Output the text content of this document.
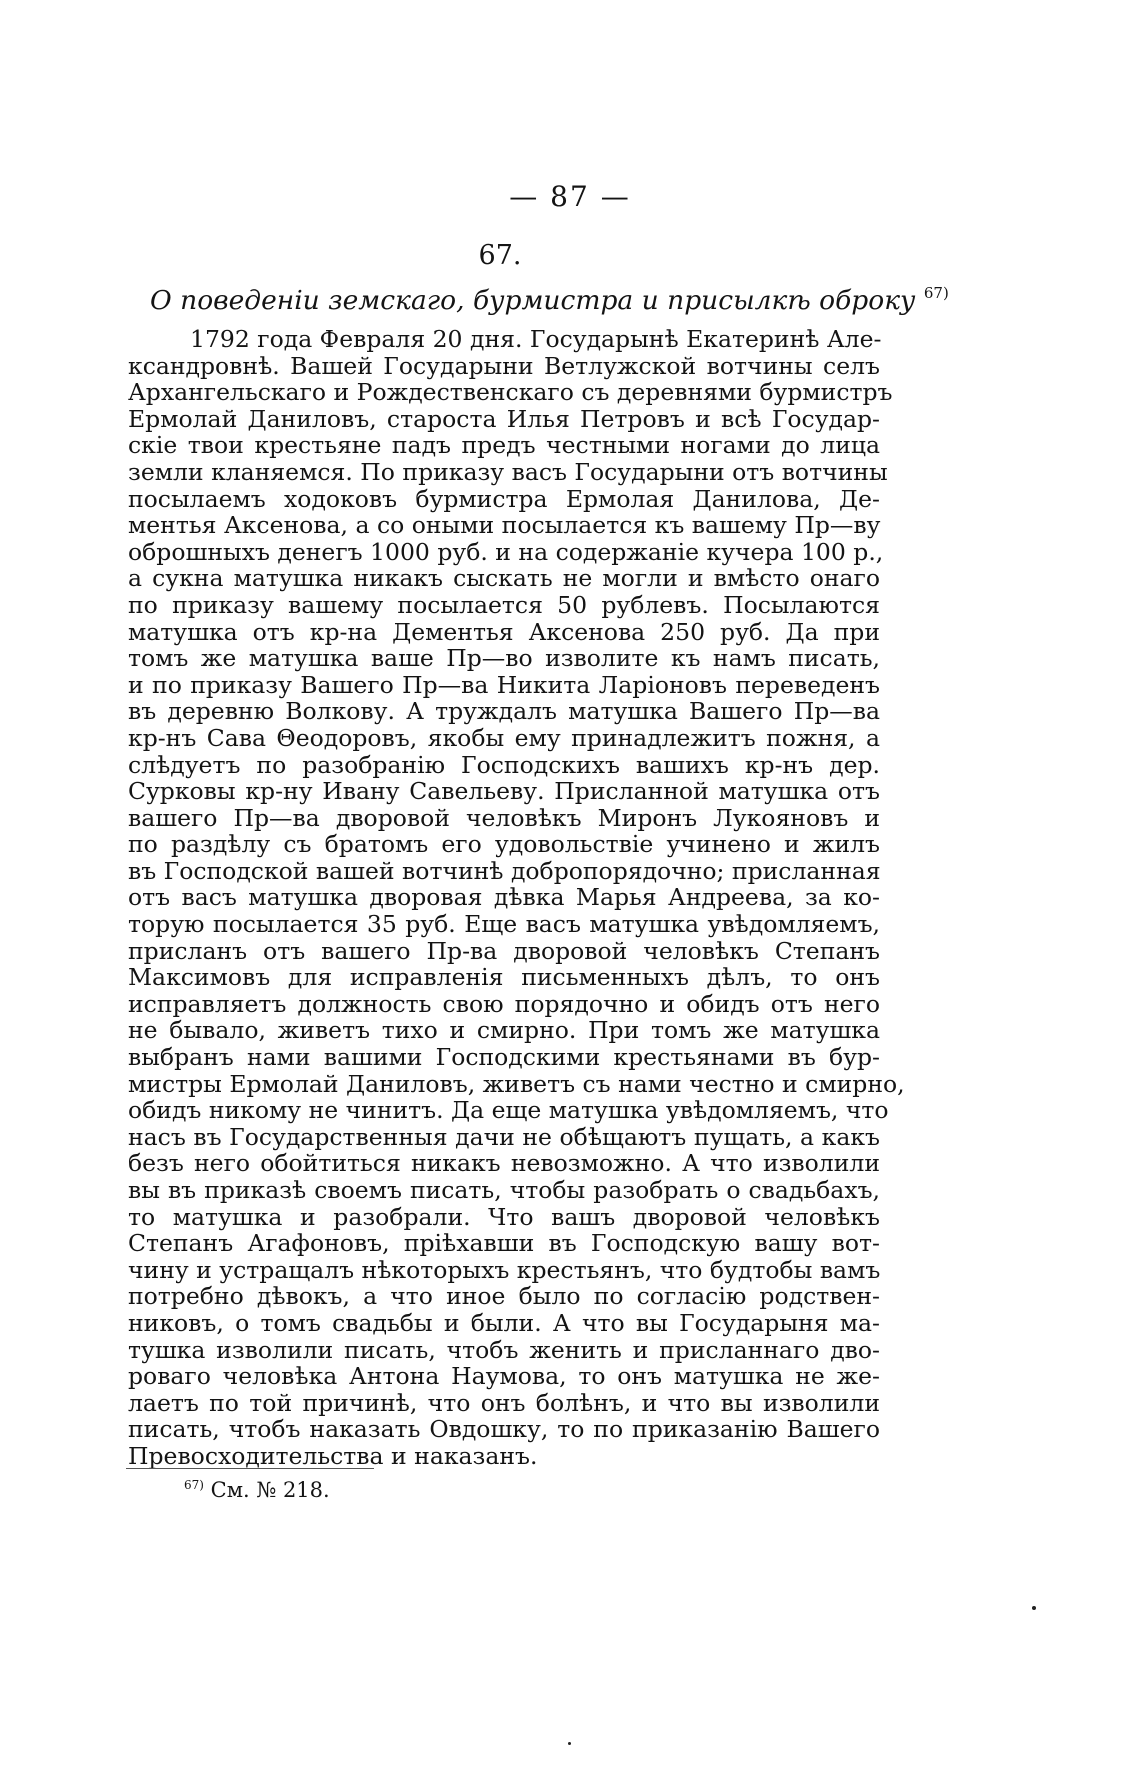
— 87 —
67.
О поведеніи земскаго, бурмистра и присылкѣ оброку $^{67)}$
1792 года Февраля 20 дня. Государынѣ Екатеринѣ Але-
ксандровнѣ. Вашей Государыни Ветлужской вотчины селъ
Архангельскаго и Рождественскаго съ деревнями бурмистръ
Ермолай Даниловъ, староста Илья Петровъ и всѣ Государ-
скіе твои крестьяне падъ предъ честными ногами до лица
земли кланяемся. По приказу васъ Государыни отъ вотчины
посылаемъ ходоковъ бурмистра Ермолая Данилова, Де-
ментья Аксенова, а со оными посылается къ вашему Пр—ву
оброшныхъ денегъ 1000 руб. и на содержаніе кучера 100 р.,
а сукна матушка никакъ сыскать не могли и вмѣсто онаго
по приказу вашему посылается 50 рублевъ. Посылаются
матушка отъ кр-на Дементья Аксенова 250 руб. Да при
томъ же матушка ваше Пр—во изволите къ намъ писать,
и по приказу Вашего Пр—ва Никита Ларіоновъ переведенъ
въ деревню Волкову. А труждалъ матушка Вашего Пр—ва
кр-нъ Сава Θеодоровъ, якобы ему принадлежитъ пожня, а
слѣдуетъ по разобранію Господскихъ вашихъ кр-нъ дер.
Сурковы кр-ну Ивану Савельеву. Присланной матушка отъ
вашего Пр—ва дворовой человѣкъ Миронъ Лукояновъ и
по раздѣлу съ братомъ его удовольствіе учинено и жилъ
въ Господской вашей вотчинѣ добропорядочно; присланная
отъ васъ матушка дворовая дѣвка Марья Андреева, за ко-
торую посылается 35 руб. Еще васъ матушка увѣдомляемъ,
присланъ отъ вашего Пр-ва дворовой человѣкъ Степанъ
Максимовъ для исправленія письменныхъ дѣлъ, то онъ
исправляетъ должность свою порядочно и обидъ отъ него
не бывало, живетъ тихо и смирно. При томъ же матушка
выбранъ нами вашими Господскими крестьянами въ бур-
мистры Ермолай Даниловъ, живетъ съ нами честно и смирно,
обидъ никому не чинитъ. Да еще матушка увѣдомляемъ, что
насъ въ Государственныя дачи не обѣщаютъ пущать, а какъ
безъ него обойтиться никакъ невозможно. А что изволили
вы въ приказѣ своемъ писать, чтобы разобрать о свадьбахъ,
то матушка и разобрали. Что вашъ дворовой человѣкъ
Степанъ Агафоновъ, пріѣхавши въ Господскую вашу вот-
чину и устращалъ нѣкоторыхъ крестьянъ, что будтобы вамъ
потребно дѣвокъ, а что иное было по согласію родствен-
никовъ, о томъ свадьбы и были. А что вы Государыня ма-
тушка изволили писать, чтобъ женить и присланнаго дво-
роваго человѣка Антона Наумова, то онъ матушка не же-
лаетъ по той причинѣ, что онъ болѣнъ, и что вы изволили
писать, чтобъ наказать Овдошку, то по приказанію Вашего
Превосходительства и наказанъ.
$^{67)}$ См. № 218.
